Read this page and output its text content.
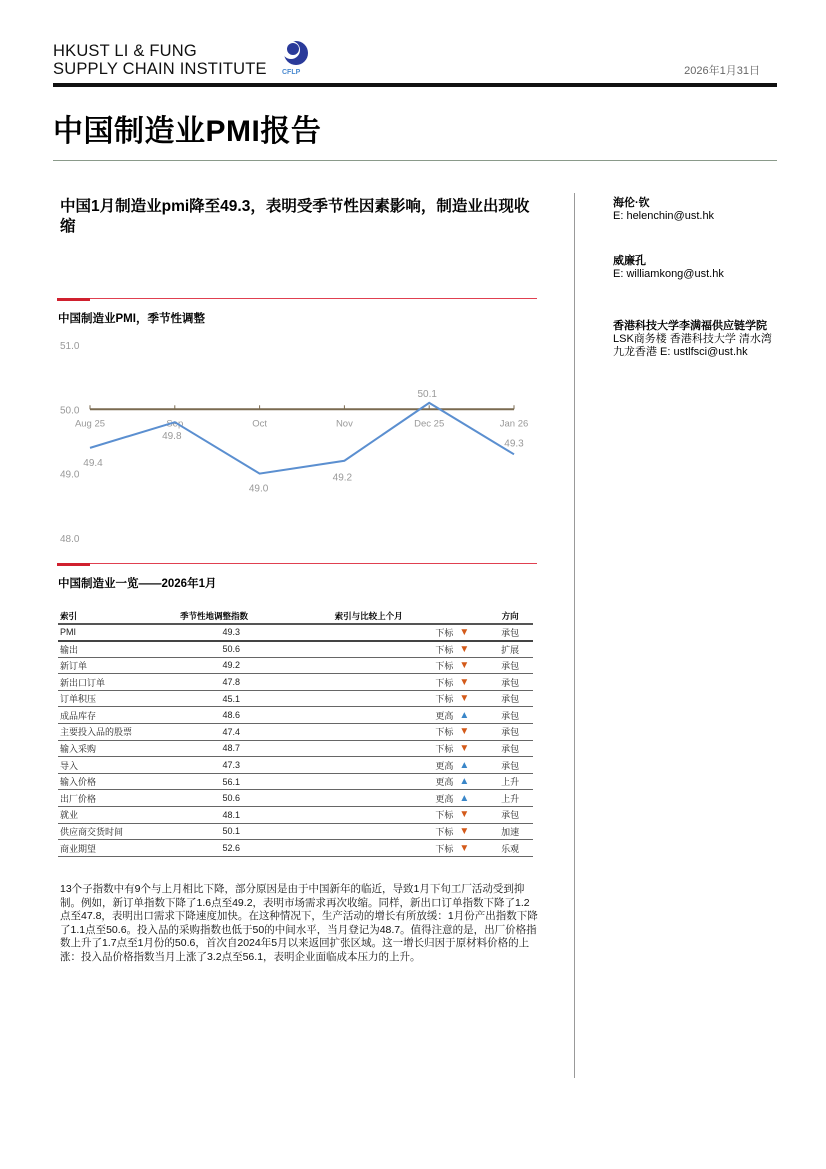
HKUST LI & FUNG
SUPPLY CHAIN INSTITUTE CFLP	2026年1月31日
中国制造业PMI报告
中国1月制造业pmi降至49.3，表明受季节性因素影响，制造业出现收缩
海伦·钦
E: helenchin@ust.hk
威廉孔
E: williamkong@ust.hk
香港科技大学李满福供应链学院
LSK商务楼 香港科技大学 清水湾九龙香港 E: ustlfsci@ust.hk
中国制造业PMI，季节性调整
51.0
50.0
49.0
48.0
Aug 25	Sep	Oct	Nov	Dec 25	Jan 26
49.4
49.8
49.0
49.2
50.1
49.3
中国制造业一览——2026年1月
索引	季节性地调整指数	索引与比较上个月		方向
PMI	49.3	下标	▼	承包
输出	50.6	下标	▼	扩展
新订单	49.2	下标	▼	承包
新出口订单	47.8	下标	▼	承包
订单积压	45.1	下标	▼	承包
成品库存	48.6	更高	▲	承包
主要投入品的股票	47.4	下标	▼	承包
输入采购	48.7	下标	▼	承包
导入	47.3	更高	▲	承包
输入价格	56.1	更高	▲	上升
出厂价格	50.6	更高	▲	上升
就业	48.1	下标	▼	承包
供应商交货时间	50.1	下标	▼	加速
商业期望	52.6	下标	▼	乐观
13个子指数中有9个与上月相比下降，部分原因是由于中国新年的临近，导致1月下旬工厂活动受到抑制。例如，新订单指数下降了1.6点至49.2，表明市场需求再次收缩。同样，新出口订单指数下降了1.2点至47.8，表明出口需求下降速度加快。在这种情况下，生产活动的增长有所放缓：1月份产出指数下降了1.1点至50.6。投入品的采购指数也低于50的中间水平，当月登记为48.7。值得注意的是，出厂价格指数上升了1.7点至1月份的50.6，首次自2024年5月以来返回扩张区域。这一增长归因于原材料价格的上涨：投入品价格指数当月上涨了3.2点至56.1，表明企业面临成本压力的上升。
